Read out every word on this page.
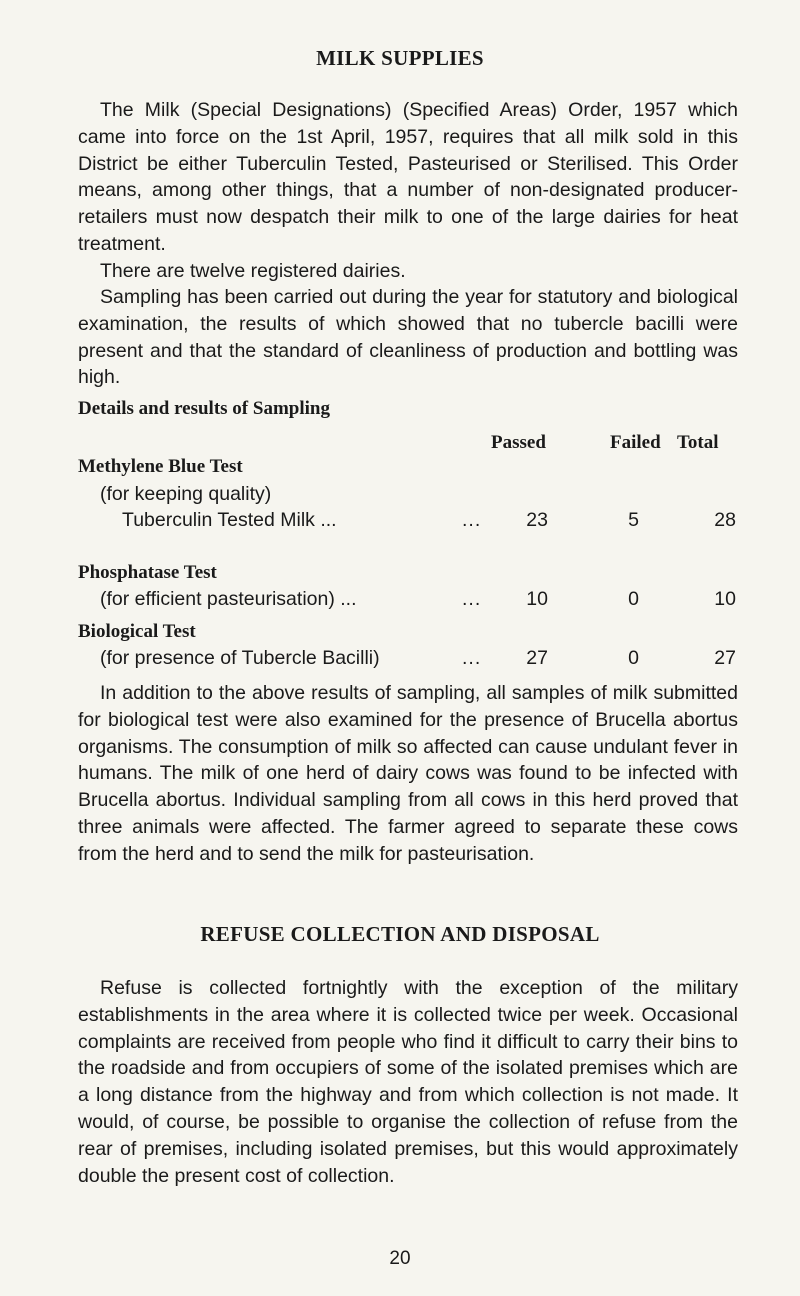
MILK SUPPLIES
The Milk (Special Designations) (Specified Areas) Order, 1957 which came into force on the 1st April, 1957, requires that all milk sold in this District be either Tuberculin Tested, Pasteurised or Sterilised. This Order means, among other things, that a number of non-designated producer-retailers must now despatch their milk to one of the large dairies for heat treatment.
There are twelve registered dairies.
Sampling has been carried out during the year for statutory and biological examination, the results of which showed that no tubercle bacilli were present and that the standard of cleanliness of production and bottling was high.
Details and results of Sampling
Passed	Failed Total
Methylene Blue Test
(for keeping quality)
Tuberculin Tested Milk ...	...	23	5	28
Phosphatase Test
(for efficient pasteurisation) ...	...	10	0	10
Biological Test
(for presence of Tubercle Bacilli)	...	27	0	27
In addition to the above results of sampling, all samples of milk submitted for biological test were also examined for the presence of Brucella abortus organisms. The consumption of milk so affected can cause undulant fever in humans. The milk of one herd of dairy cows was found to be infected with Brucella abortus. Individual sampling from all cows in this herd proved that three animals were affected. The farmer agreed to separate these cows from the herd and to send the milk for pasteurisation.
REFUSE COLLECTION AND DISPOSAL
Refuse is collected fortnightly with the exception of the military establishments in the area where it is collected twice per week. Occasional complaints are received from people who find it difficult to carry their bins to the roadside and from occupiers of some of the isolated premises which are a long distance from the highway and from which collection is not made. It would, of course, be possible to organise the collection of refuse from the rear of premises, including isolated premises, but this would approximately double the present cost of collection.
20
